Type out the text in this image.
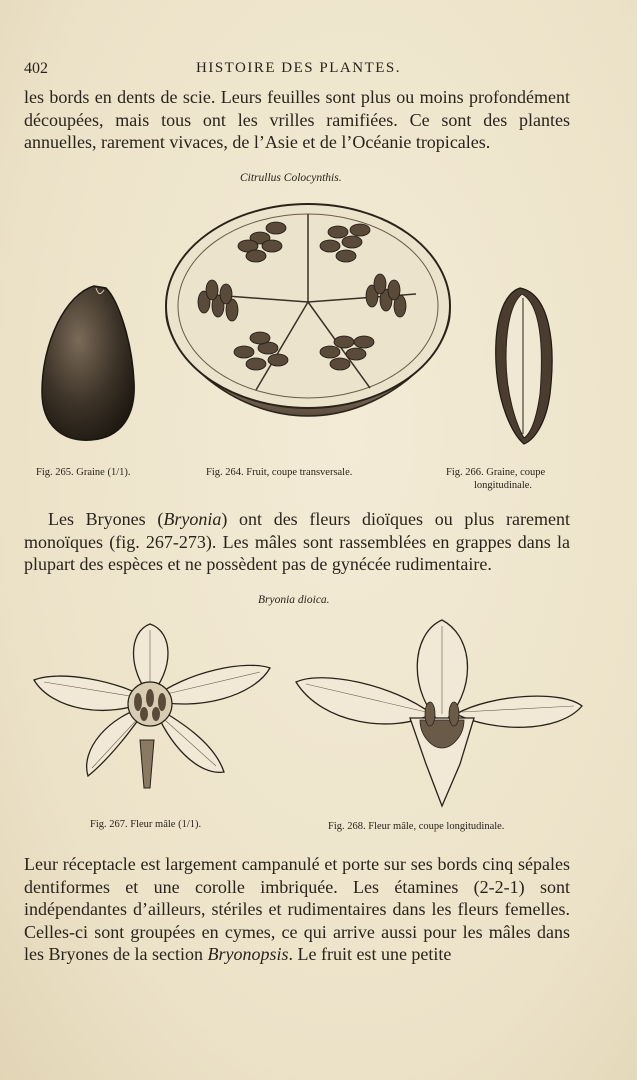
402	HISTOIRE DES PLANTES.
les bords en dents de scie. Leurs feuilles sont plus ou moins profondément découpées, mais tous ont les vrilles ramifiées. Ce sont des plantes annuelles, rarement vivaces, de l’Asie et de l’Océanie tropicales.
Citrullus Colocynthis.
Fig. 265. Graine (1/1).	Fig. 264. Fruit, coupe transversale.	Fig. 266. Graine, coupe
longitudinale.
Les Bryones (Bryonia) ont des fleurs dioïques ou plus rarement monoïques (fig. 267-273). Les mâles sont rassemblées en grappes dans la plupart des espèces et ne possèdent pas de gynécée rudimentaire.
Bryonia dioica.
Fig. 267. Fleur mâle (1/1).	Fig. 268. Fleur mâle, coupe longitudinale.
Leur réceptacle est largement campanulé et porte sur ses bords cinq sépales dentiformes et une corolle imbriquée. Les étamines (2-2-1) sont indépendantes d’ailleurs, stériles et rudimentaires dans les fleurs femelles. Celles-ci sont groupées en cymes, ce qui arrive aussi pour les mâles dans les Bryones de la section Bryonopsis. Le fruit est une petite
